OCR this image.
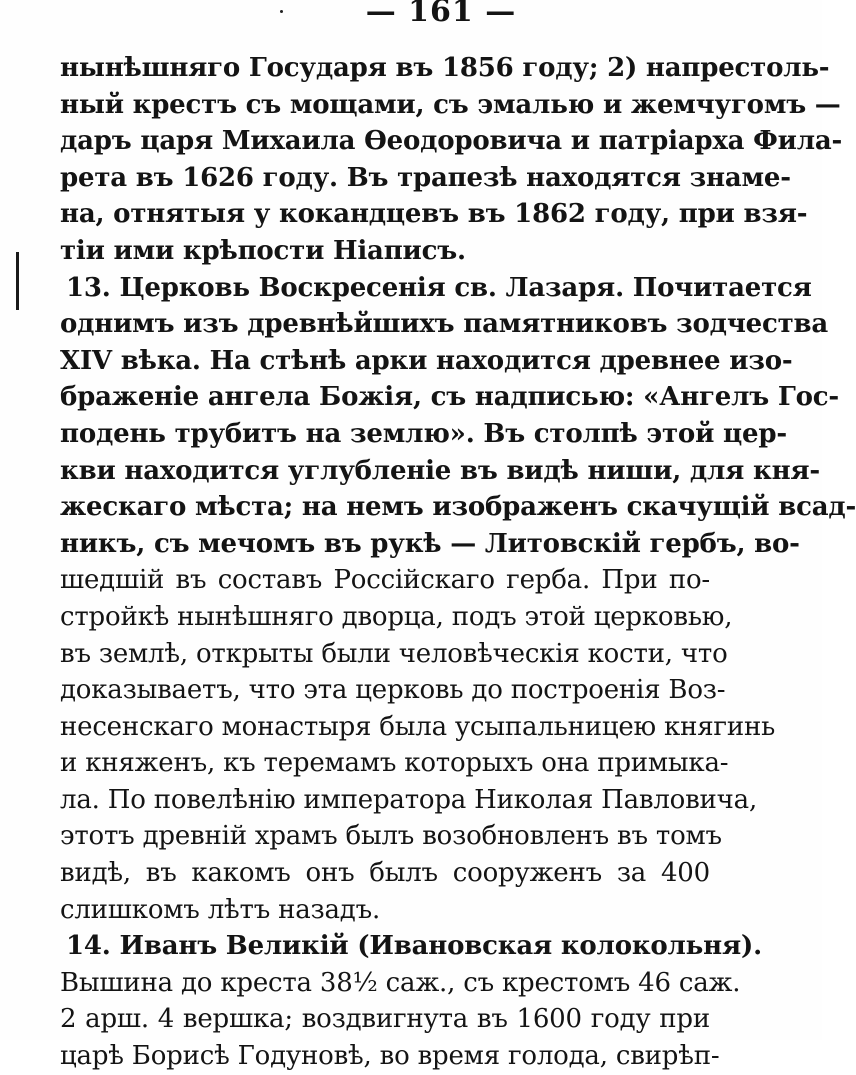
— 161 —
нынѣшняго Государя въ 1856 году; 2) напрестоль-
ный крестъ съ мощами, съ эмалью и жемчугомъ —
даръ царя Михаила Ѳеодоровича и патріарха Фила-
рета въ 1626 году. Въ трапезѣ находятся знаме-
на, отнятыя у кокандцевъ въ 1862 году, при взя-
тіи ими крѣпости Ніаписъ.
13. Церковь Воскресенія св. Лазаря. Почитается
однимъ изъ древнѣйшихъ памятниковъ зодчества
XIV вѣка. На стѣнѣ арки находится древнее изо-
браженіе ангела Божія, съ надписью: «Ангелъ Гос-
подень трубитъ на землю». Въ столпѣ этой цер-
кви находится углубленіе въ видѣ ниши, для кня-
жескаго мѣста; на немъ изображенъ скачущій всад-
никъ, съ мечомъ въ рукѣ — Литовскій гербъ, во-
шедшій въ составъ Россійскаго герба. При по-
стройкѣ нынѣшняго дворца, подъ этой церковью,
въ землѣ, открыты были человѣческія кости, что
доказываетъ, что эта церковь до построенія Воз-
несенскаго монастыря была усыпальницею княгинь
и княженъ, къ теремамъ которыхъ она примыка-
ла. По повелѣнію императора Николая Павловича,
этотъ древній храмъ былъ возобновленъ въ томъ
видѣ, въ какомъ онъ былъ сооруженъ за 400
слишкомъ лѣтъ назадъ.
14. Иванъ Великій (Ивановская колокольня).
Вышина до креста 38½ саж., съ крестомъ 46 саж.
2 арш. 4 вершка; воздвигнута въ 1600 году при
царѣ Борисѣ Годуновѣ, во время голода, свирѣп-
